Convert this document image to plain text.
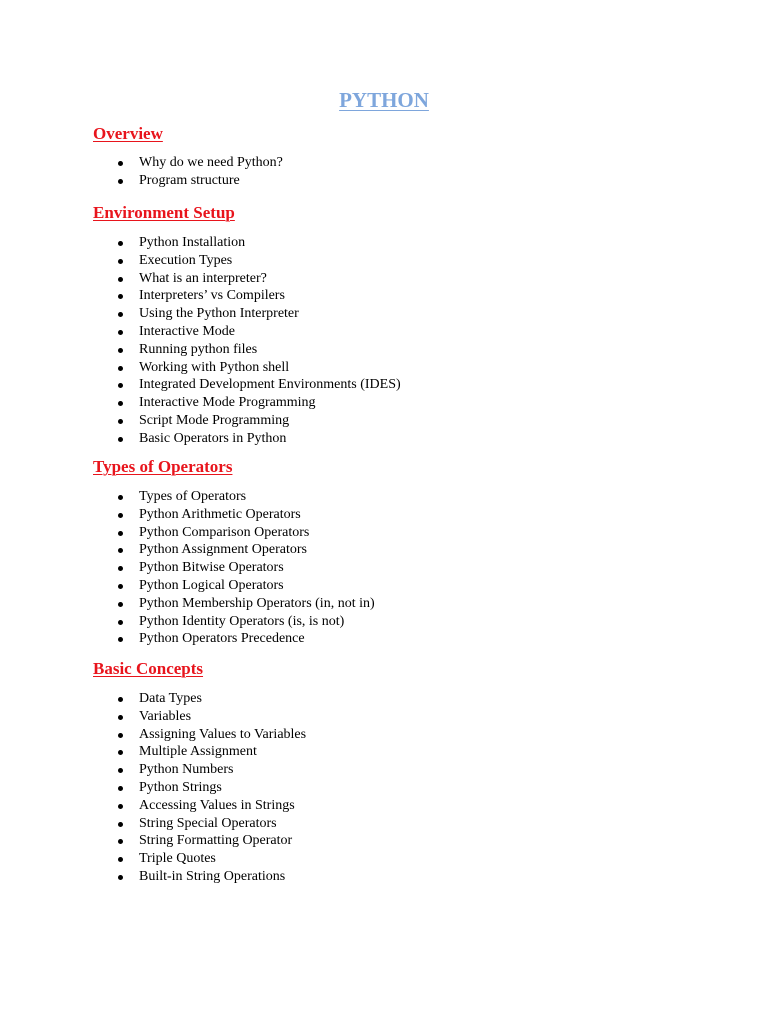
PYTHON
Overview
Why do we need Python?
Program structure
Environment Setup
Python Installation
Execution Types
What is an interpreter?
Interpreters’ vs Compilers
Using the Python Interpreter
Interactive Mode
Running python files
Working with Python shell
Integrated Development Environments (IDES)
Interactive Mode Programming
Script Mode Programming
Basic Operators in Python
Types of Operators
Types of Operators
Python Arithmetic Operators
Python Comparison Operators
Python Assignment Operators
Python Bitwise Operators
Python Logical Operators
Python Membership Operators (in, not in)
Python Identity Operators (is, is not)
Python Operators Precedence
Basic Concepts
Data Types
Variables
Assigning Values to Variables
Multiple Assignment
Python Numbers
Python Strings
Accessing Values in Strings
String Special Operators
String Formatting Operator
Triple Quotes
Built-in String Operations
